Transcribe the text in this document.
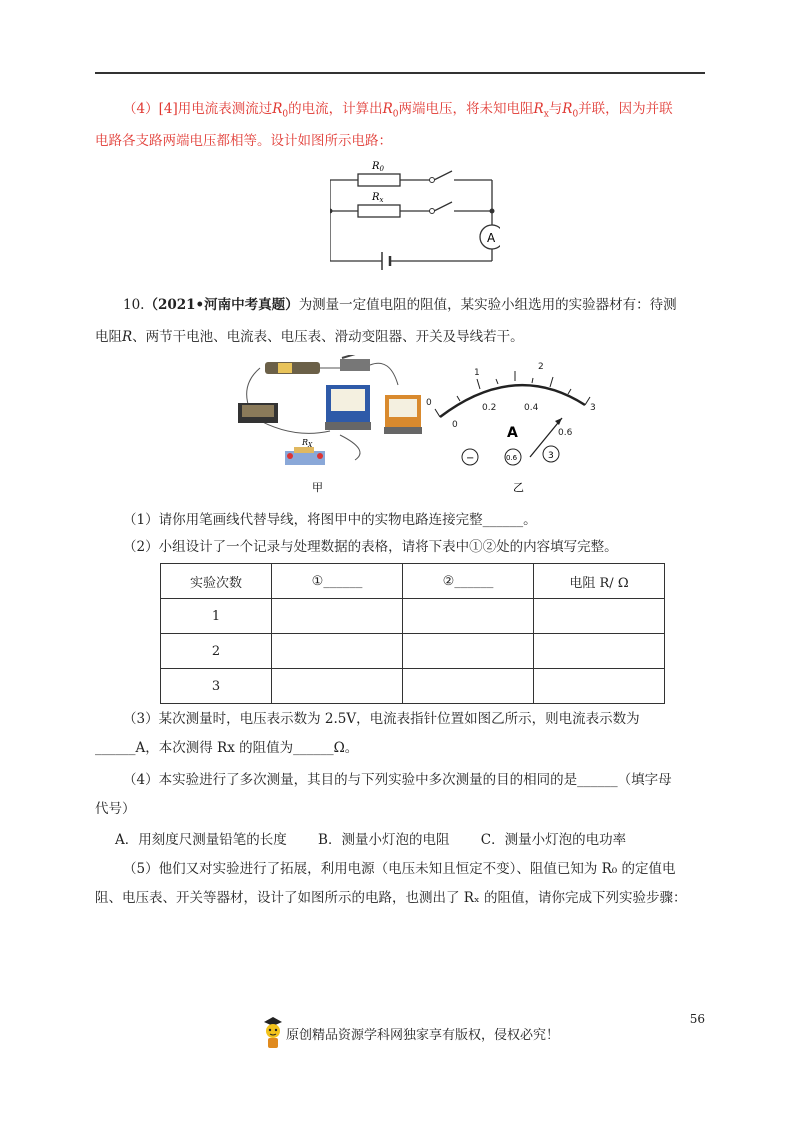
（4）[4]用电流表测流过$R_0$的电流，计算出$R_0$两端电压，将未知电阻$R_x$与$R_0$并联，因为并联
电路各支路两端电压都相等。设计如图所示电路：
$R_0$
$R_x$
A
10.（2021•河南中考真题）为测量一定值电阻的阻值，某实验小组选用的实验器材有：待测
电阻R、两节干电池、电流表、电压表、滑动变阻器、开关及导线若干。
$R_X$
0
1
2
3
0
0.2	0.4
0.6
A
−	0.6	3
甲	乙
（1）请你用笔画线代替导线，将图甲中的实物电路连接完整______。
（2）小组设计了一个记录与处理数据的表格，请将下表中①②处的内容填写完整。
实验次数	①______	②______	电阻 R/ Ω
1			
2			
3			
（3）某次测量时，电压表示数为 2.5V，电流表指针位置如图乙所示，则电流表示数为
______A，本次测得 Rx 的阻值为______Ω。
（4）本实验进行了多次测量，其目的与下列实验中多次测量的目的相同的是______（填字母
代号）
A．用刻度尺测量铅笔的长度　　 B．测量小灯泡的电阻　　 C．测量小灯泡的电功率
（5）他们又对实验进行了拓展，利用电源（电压未知且恒定不变）、阻值已知为 R₀ 的定值电
阻、电压表、开关等器材，设计了如图所示的电路，也测出了 Rₓ 的阻值，请你完成下列实验步骤：
56
原创精品资源学科网独家享有版权，侵权必究！
